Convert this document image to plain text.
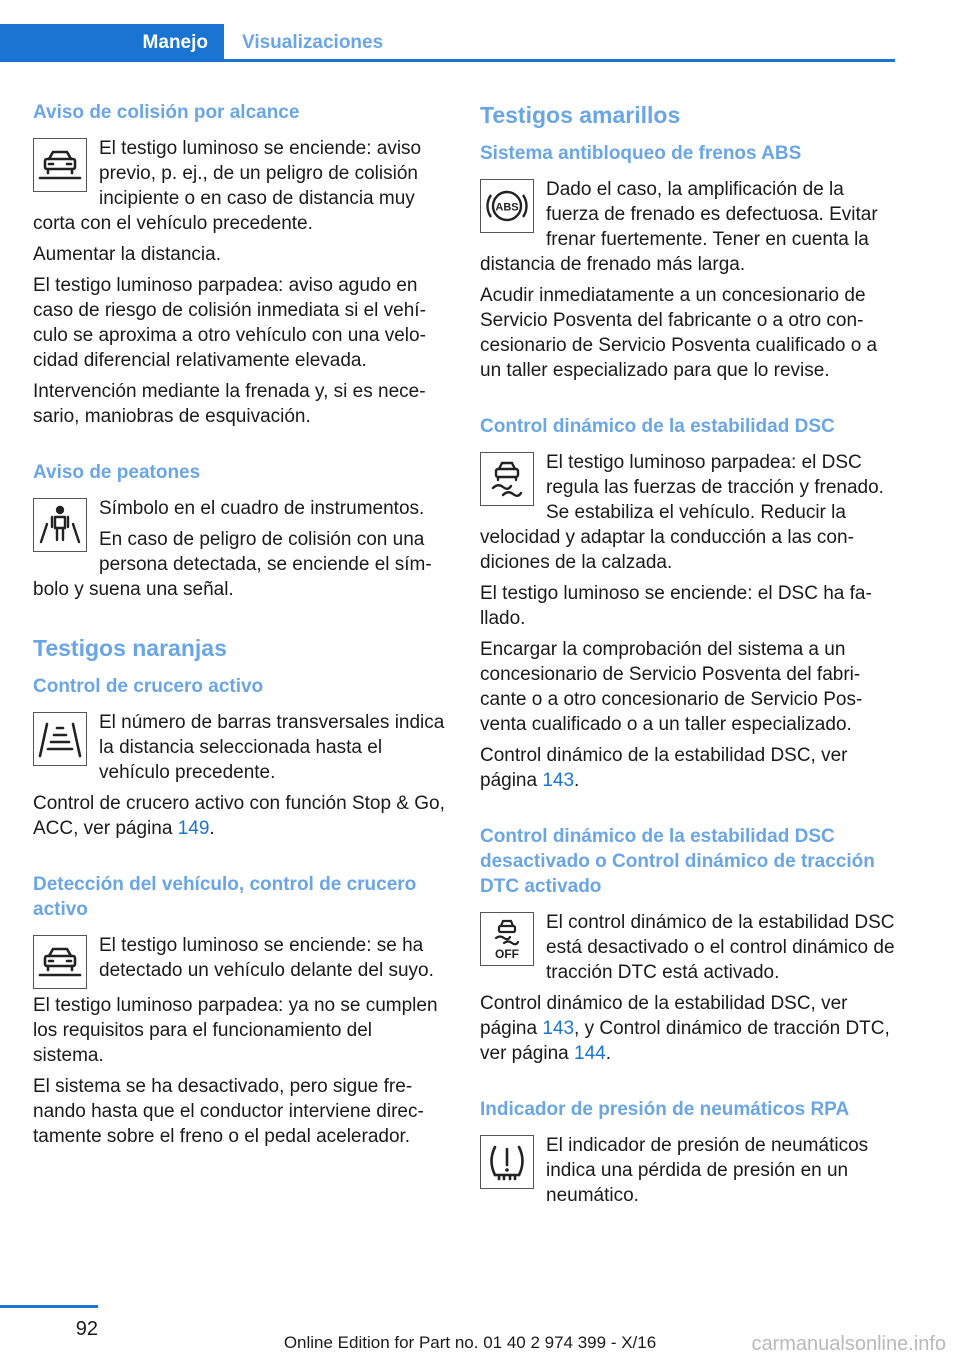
Manejo	Visualizaciones
Aviso de colisión por alcance

El testigo luminoso se enciende: aviso previo, p. ej., de un peligro de colisión incipiente o en caso de distancia muy corta con el vehículo precedente.

Aumentar la distancia.

El testigo luminoso parpadea: aviso agudo en caso de riesgo de colisión inmediata si el vehículo se aproxima a otro vehículo con una velocidad diferencial relativamente elevada.

Intervención mediante la frenada y, si es necesario, maniobras de esquivación.

Aviso de peatones

Símbolo en el cuadro de instrumentos.

En caso de peligro de colisión con una persona detectada, se enciende el símbolo y suena una señal.

Testigos naranjas
Control de crucero activo

El número de barras transversales indica la distancia seleccionada hasta el vehículo precedente.

Control de crucero activo con función Stop & Go, ACC, ver página 149.

Detección del vehículo, control de crucero activo

El testigo luminoso se enciende: se ha detectado un vehículo delante del suyo.

El testigo luminoso parpadea: ya no se cumplen los requisitos para el funcionamiento del sistema.

El sistema se ha desactivado, pero sigue frenando hasta que el conductor interviene directamente sobre el freno o el pedal acelerador.

Testigos amarillos
Sistema antibloqueo de frenos ABS
ABS

Dado el caso, la amplificación de la fuerza de frenado es defectuosa. Evitar frenar fuertemente. Tener en cuenta la distancia de frenado más larga.

Acudir inmediatamente a un concesionario de Servicio Posventa del fabricante o a otro concesionario de Servicio Posventa cualificado o a un taller especializado para que lo revise.

Control dinámico de la estabilidad DSC

El testigo luminoso parpadea: el DSC regula las fuerzas de tracción y frenado. Se estabiliza el vehículo. Reducir la velocidad y adaptar la conducción a las condiciones de la calzada.

El testigo luminoso se enciende: el DSC ha fallado.

Encargar la comprobación del sistema a un concesionario de Servicio Posventa del fabricante o a otro concesionario de Servicio Posventa cualificado o a un taller especializado.

Control dinámico de la estabilidad DSC, ver página 143.

Control dinámico de la estabilidad DSC desactivado o Control dinámico de tracción DTC activado
OFF

El control dinámico de la estabilidad DSC está desactivado o el control dinámico de tracción DTC está activado.

Control dinámico de la estabilidad DSC, ver página 143, y Control dinámico de tracción DTC, ver página 144.

Indicador de presión de neumáticos RPA

El indicador de presión de neumáticos indica una pérdida de presión en un neumático.

92
Online Edition for Part no. 01 40 2 974 399 - X/16	carmanualsonline.info
